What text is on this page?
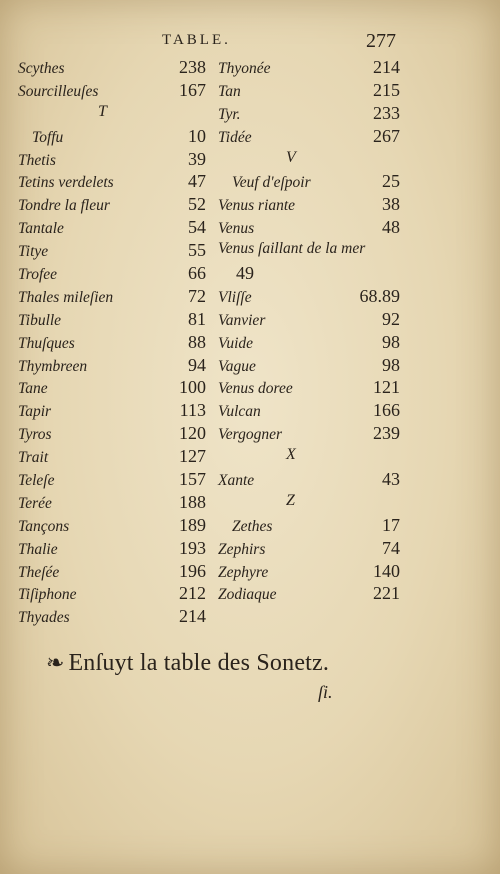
TABLE.	277
Scythes	238
Sourcilleuſes	167
T
Toffu	10
Thetis	39
Tetins verdelets	47
Tondre la fleur	52
Tantale	54
Titye	55
Trofee	66
Thales mileſien	72
Tibulle	81
Thuſques	88
Thymbreen	94
Tane	100
Tapir	113
Tyros	120
Trait	127
Teleſe	157
Terée	188
Tançons	189
Thalie	193
Theſée	196
Tiſiphone	212
Thyades	214
Thyonée	214
Tan	215
Tyr.	233
Tidée	267
V
Veuf d'eſpoir	25
Venus riante	38
Venus	48
Venus ſaillant de la mer
49
Vliſſe	68.89
Vanvier	92
Vuide	98
Vague	98
Venus doree	121
Vulcan	166
Vergogner	239
X
Xante	43
Z
Zethes	17
Zephirs	74
Zephyre	140
Zodiaque	221
❧ Enſuyt la table des Sonetz.
ſi.
